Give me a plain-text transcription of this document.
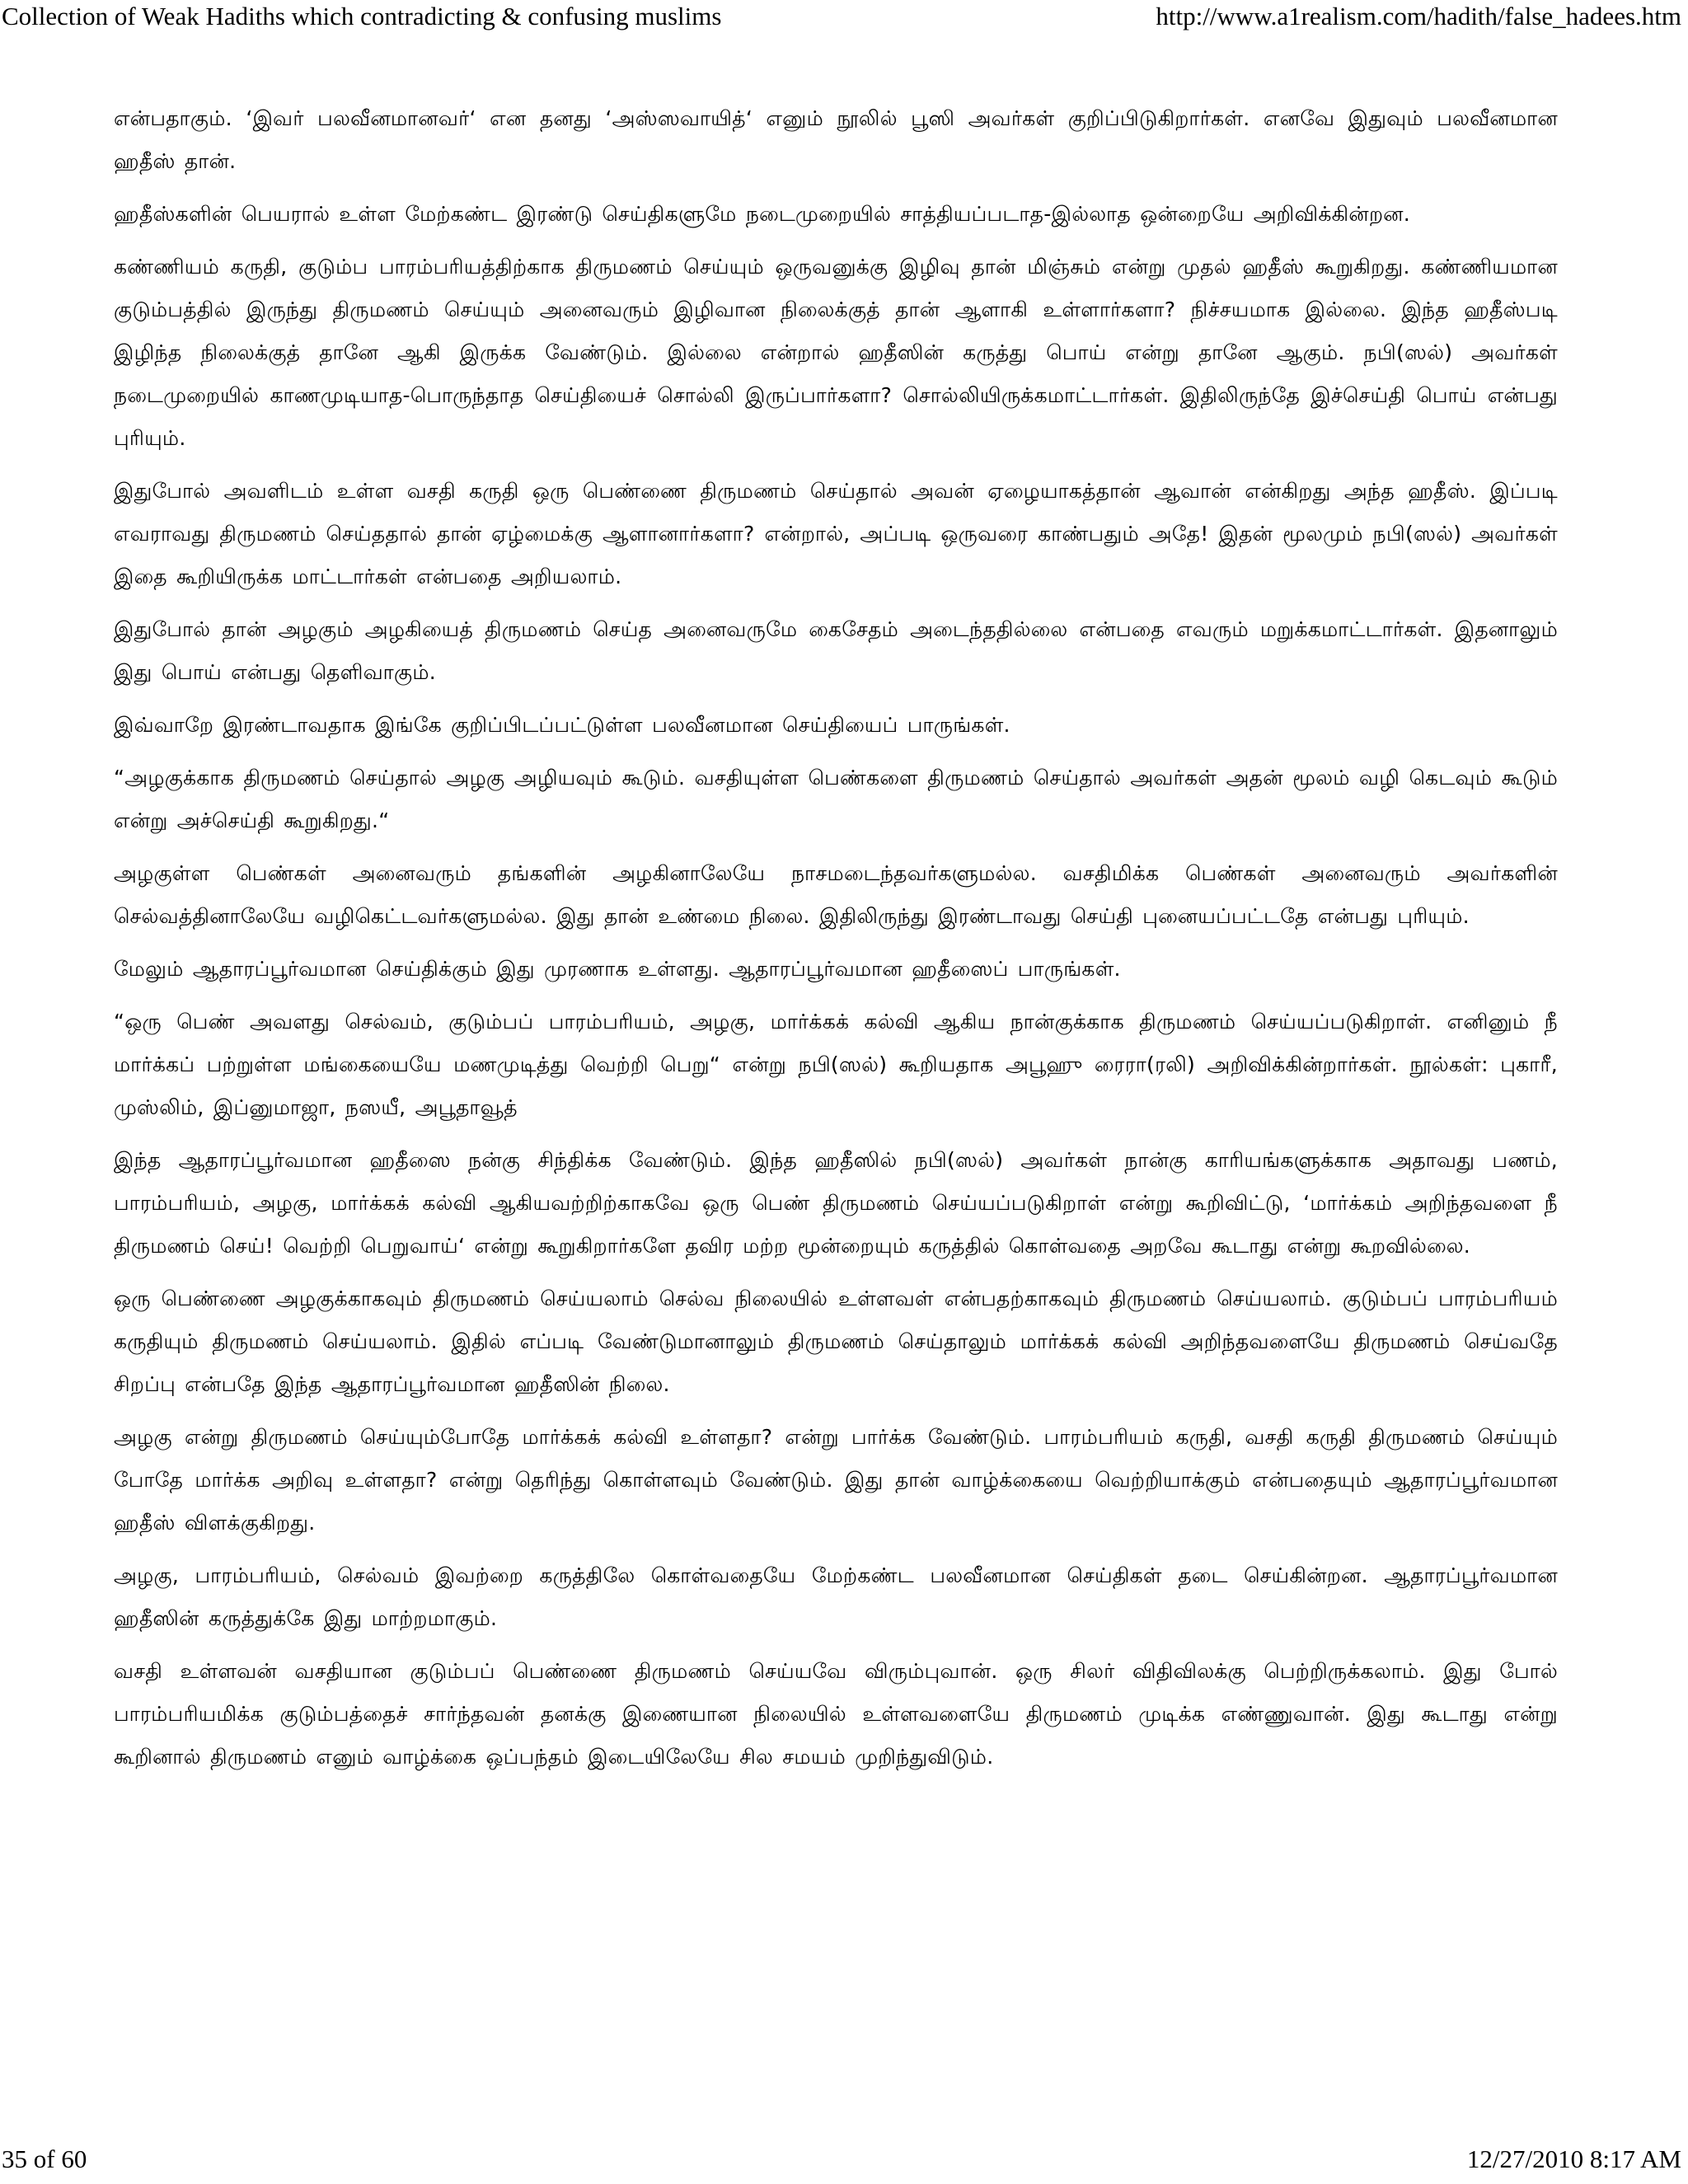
Collection of Weak Hadiths which contradicting & confusing muslims	http://www.a1realism.com/hadith/false_hadees.htm

என்பதாகும். ‘இவர் பலவீனமானவர்‘ என தனது ‘அஸ்ஸவாயித்‘ எனும் நூலில் பூஸி அவர்கள் குறிப்பிடுகிறார்கள். எனவே இதுவும் பலவீனமான ஹதீஸ் தான்.

ஹதீஸ்களின் பெயரால் உள்ள மேற்கண்ட இரண்டு செய்திகளுமே நடைமுறையில் சாத்தியப்படாத-இல்லாத ஒன்றையே அறிவிக்கின்றன.

கண்ணியம் கருதி, குடும்ப பாரம்பரியத்திற்காக திருமணம் செய்யும் ஒருவனுக்கு இழிவு தான் மிஞ்சும் என்று முதல் ஹதீஸ் கூறுகிறது. கண்ணியமான குடும்பத்தில் இருந்து திருமணம் செய்யும் அனைவரும் இழிவான நிலைக்குத் தான் ஆளாகி உள்ளார்களா? நிச்சயமாக இல்லை. இந்த ஹதீஸ்படி இழிந்த நிலைக்குத் தானே ஆகி இருக்க வேண்டும். இல்லை என்றால் ஹதீஸின் கருத்து பொய் என்று தானே ஆகும். நபி(ஸல்) அவர்கள் நடைமுறையில் காணமுடியாத-பொருந்தாத செய்தியைச் சொல்லி இருப்பார்களா? சொல்லியிருக்கமாட்டார்கள். இதிலிருந்தே இச்செய்தி பொய் என்பது புரியும்.

இதுபோல் அவளிடம் உள்ள வசதி கருதி ஒரு பெண்ணை திருமணம் செய்தால் அவன் ஏழையாகத்தான் ஆவான் என்கிறது அந்த ஹதீஸ். இப்படி எவராவது திருமணம் செய்ததால் தான் ஏழ்மைக்கு ஆளானார்களா? என்றால், அப்படி ஒருவரை காண்பதும் அதே! இதன் மூலமும் நபி(ஸல்) அவர்கள் இதை கூறியிருக்க மாட்டார்கள் என்பதை அறியலாம்.

இதுபோல் தான் அழகும் அழகியைத் திருமணம் செய்த அனைவருமே கைசேதம் அடைந்ததில்லை என்பதை எவரும் மறுக்கமாட்டார்கள். இதனாலும் இது பொய் என்பது தெளிவாகும்.

இவ்வாறே இரண்டாவதாக இங்கே குறிப்பிடப்பட்டுள்ள பலவீனமான செய்தியைப் பாருங்கள்.

“அழகுக்காக திருமணம் செய்தால் அழகு அழியவும் கூடும். வசதியுள்ள பெண்களை திருமணம் செய்தால் அவர்கள் அதன் மூலம் வழி கெடவும் கூடும் என்று அச்செய்தி கூறுகிறது.“

அழகுள்ள பெண்கள் அனைவரும் தங்களின் அழகினாலேயே நாசமடைந்தவர்களுமல்ல. வசதிமிக்க பெண்கள் அனைவரும் அவர்களின் செல்வத்தினாலேயே வழிகெட்டவர்களுமல்ல. இது தான் உண்மை நிலை. இதிலிருந்து இரண்டாவது செய்தி புனையப்பட்டதே என்பது புரியும்.

மேலும் ஆதாரப்பூர்வமான செய்திக்கும் இது முரணாக உள்ளது. ஆதாரப்பூர்வமான ஹதீஸைப் பாருங்கள்.

“ஒரு பெண் அவளது செல்வம், குடும்பப் பாரம்பரியம், அழகு, மார்க்கக் கல்வி ஆகிய நான்குக்காக திருமணம் செய்யப்படுகிறாள். எனினும் நீ மார்க்கப் பற்றுள்ள மங்கையையே மணமுடித்து வெற்றி பெறு“ என்று நபி(ஸல்) கூறியதாக அபூஹு ரைரா(ரலி) அறிவிக்கின்றார்கள். நூல்கள்: புகாரீ, முஸ்லிம், இப்னுமாஜா, நஸயீ, அபூதாவூத்

இந்த ஆதாரப்பூர்வமான ஹதீஸை நன்கு சிந்திக்க வேண்டும். இந்த ஹதீஸில் நபி(ஸல்) அவர்கள் நான்கு காரியங்களுக்காக அதாவது பணம், பாரம்பரியம், அழகு, மார்க்கக் கல்வி ஆகியவற்றிற்காகவே ஒரு பெண் திருமணம் செய்யப்படுகிறாள் என்று கூறிவிட்டு, ‘மார்க்கம் அறிந்தவளை நீ திருமணம் செய்! வெற்றி பெறுவாய்‘ என்று கூறுகிறார்களே தவிர மற்ற மூன்றையும் கருத்தில் கொள்வதை அறவே கூடாது என்று கூறவில்லை.

ஒரு பெண்ணை அழகுக்காகவும் திருமணம் செய்யலாம் செல்வ நிலையில் உள்ளவள் என்பதற்காகவும் திருமணம் செய்யலாம். குடும்பப் பாரம்பரியம் கருதியும் திருமணம் செய்யலாம். இதில் எப்படி வேண்டுமானாலும் திருமணம் செய்தாலும் மார்க்கக் கல்வி அறிந்தவளையே திருமணம் செய்வதே சிறப்பு என்பதே இந்த ஆதாரப்பூர்வமான ஹதீஸின் நிலை.

அழகு என்று திருமணம் செய்யும்போதே மார்க்கக் கல்வி உள்ளதா? என்று பார்க்க வேண்டும். பாரம்பரியம் கருதி, வசதி கருதி திருமணம் செய்யும் போதே மார்க்க அறிவு உள்ளதா? என்று தெரிந்து கொள்ளவும் வேண்டும். இது தான் வாழ்க்கையை வெற்றியாக்கும் என்பதையும் ஆதாரப்பூர்வமான ஹதீஸ் விளக்குகிறது.

அழகு, பாரம்பரியம், செல்வம் இவற்றை கருத்திலே கொள்வதையே மேற்கண்ட பலவீனமான செய்திகள் தடை செய்கின்றன. ஆதாரப்பூர்வமான ஹதீஸின் கருத்துக்கே இது மாற்றமாகும்.

வசதி உள்ளவன் வசதியான குடும்பப் பெண்ணை திருமணம் செய்யவே விரும்புவான். ஒரு சிலர் விதிவிலக்கு பெற்றிருக்கலாம். இது போல் பாரம்பரியமிக்க குடும்பத்தைச் சார்ந்தவன் தனக்கு இணையான நிலையில் உள்ளவளையே திருமணம் முடிக்க எண்ணுவான். இது கூடாது என்று கூறினால் திருமணம் எனும் வாழ்க்கை ஒப்பந்தம் இடையிலேயே சில சமயம் முறிந்துவிடும்.

35 of 60	12/27/2010 8:17 AM
